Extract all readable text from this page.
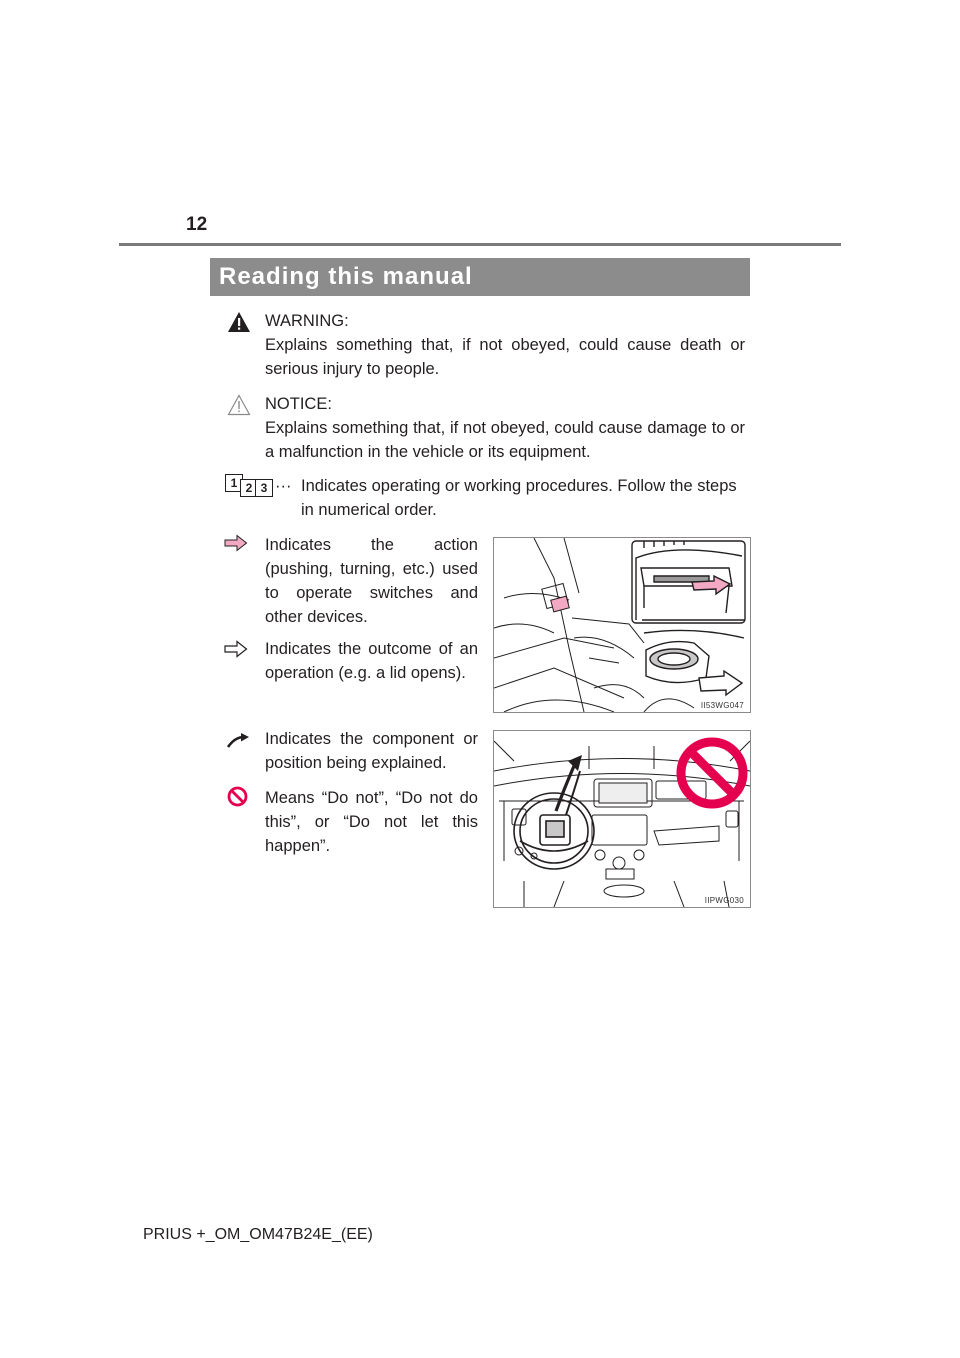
12
Reading this manual
WARNING:
Explains something that, if not obeyed, could cause death or serious injury to people.
NOTICE:
Explains something that, if not obeyed, could cause damage to or a malfunction in the vehicle or its equipment.
1 2 3 ··· Indicates operating or working procedures. Follow the steps in numerical order.
Indicates the action (pushing, turning, etc.) used to operate switches and other devices.
Indicates the outcome of an operation (e.g. a lid opens).
II53WG047
Indicates the component or position being explained.
Means “Do not”, “Do not do this”, or “Do not let this happen”.
IIPWG030
PRIUS +_OM_OM47B24E_(EE)
